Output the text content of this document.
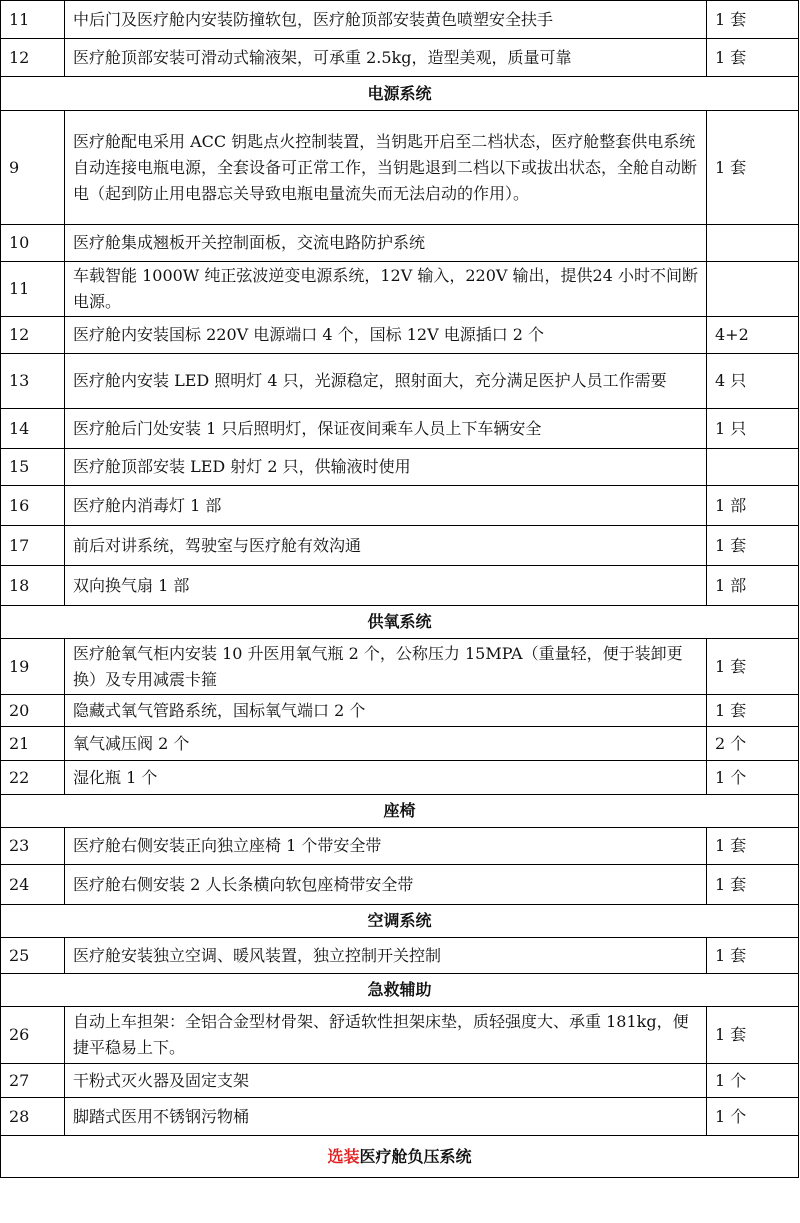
11	中后门及医疗舱内安装防撞软包，医疗舱顶部安装黄色喷塑安全扶手	1 套
12	医疗舱顶部安装可滑动式输液架，可承重 2.5kg，造型美观，质量可靠	1 套
电源系统		
9	医疗舱配电采用 ACC 钥匙点火控制装置，当钥匙开启至二档状态，医疗舱整套供电系统自动连接电瓶电源，全套设备可正常工作，当钥匙退到二档以下或拔出状态，全舱自动断电（起到防止用电器忘关导致电瓶电量流失而无法启动的作用）。	1 套
10	医疗舱集成翘板开关控制面板，交流电路防护系统	
11	车载智能 1000W 纯正弦波逆变电源系统，12V 输入，220V 输出，提供24 小时不间断电源。	
12	医疗舱内安装国标 220V 电源端口 4 个，国标 12V 电源插口 2 个	4+2
13	医疗舱内安装 LED 照明灯 4 只，光源稳定，照射面大，充分满足医护人员工作需要	4 只
14	医疗舱后门处安装 1 只后照明灯，保证夜间乘车人员上下车辆安全	1 只
15	医疗舱顶部安装 LED 射灯 2 只，供输液时使用	
16	医疗舱内消毒灯 1 部	1 部
17	前后对讲系统，驾驶室与医疗舱有效沟通	1 套
18	双向换气扇 1 部	1 部
供氧系统		
19	医疗舱氧气柜内安装 10 升医用氧气瓶 2 个，公称压力 15MPA（重量轻，便于装卸更换）及专用减震卡箍	1 套
20	隐藏式氧气管路系统，国标氧气端口 2 个	1 套
21	氧气减压阀 2 个	2 个
22	湿化瓶 1 个	1 个
座椅		
23	医疗舱右侧安装正向独立座椅 1 个带安全带	1 套
24	医疗舱右侧安装 2 人长条横向软包座椅带安全带	1 套
空调系统		
25	医疗舱安装独立空调、暖风装置，独立控制开关控制	1 套
急救辅助		
26	自动上车担架：全铝合金型材骨架、舒适软性担架床垫，质轻强度大、承重 181kg，便捷平稳易上下。	1 套
27	干粉式灭火器及固定支架	1 个
28	脚踏式医用不锈钢污物桶	1 个
选装医疗舱负压系统		
